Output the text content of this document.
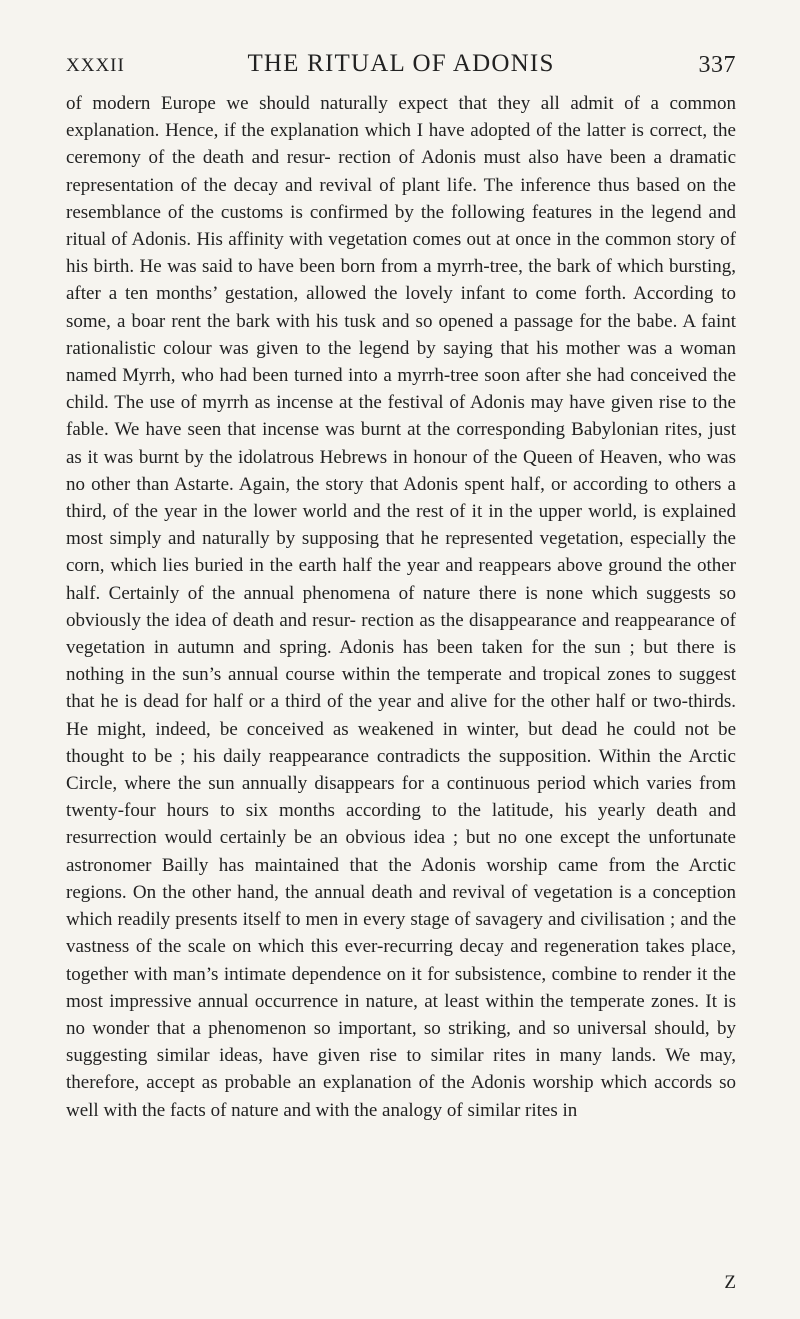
XXXII	THE RITUAL OF ADONIS	337

of modern Europe we should naturally expect that they all admit of a common explanation. Hence, if the explanation which I have adopted of the latter is correct, the ceremony of the death and resur- rection of Adonis must also have been a dramatic representation of the decay and revival of plant life. The inference thus based on the resemblance of the customs is confirmed by the following features in the legend and ritual of Adonis. His affinity with vegetation comes out at once in the common story of his birth. He was said to have been born from a myrrh-tree, the bark of which bursting, after a ten months’ gestation, allowed the lovely infant to come forth. According to some, a boar rent the bark with his tusk and so opened a passage for the babe. A faint rationalistic colour was given to the legend by saying that his mother was a woman named Myrrh, who had been turned into a myrrh-tree soon after she had conceived the child. The use of myrrh as incense at the festival of Adonis may have given rise to the fable. We have seen that incense was burnt at the corresponding Babylonian rites, just as it was burnt by the idolatrous Hebrews in honour of the Queen of Heaven, who was no other than Astarte. Again, the story that Adonis spent half, or according to others a third, of the year in the lower world and the rest of it in the upper world, is explained most simply and naturally by supposing that he represented vegetation, especially the corn, which lies buried in the earth half the year and reappears above ground the other half. Certainly of the annual phenomena of nature there is none which suggests so obviously the idea of death and resur- rection as the disappearance and reappearance of vegetation in autumn and spring. Adonis has been taken for the sun ; but there is nothing in the sun’s annual course within the temperate and tropical zones to suggest that he is dead for half or a third of the year and alive for the other half or two-thirds. He might, indeed, be conceived as weakened in winter, but dead he could not be thought to be ; his daily reappearance contradicts the supposition. Within the Arctic Circle, where the sun annually disappears for a continuous period which varies from twenty-four hours to six months according to the latitude, his yearly death and resurrection would certainly be an obvious idea ; but no one except the unfortunate astronomer Bailly has maintained that the Adonis worship came from the Arctic regions. On the other hand, the annual death and revival of vegetation is a conception which readily presents itself to men in every stage of savagery and civilisation ; and the vastness of the scale on which this ever-recurring decay and regeneration takes place, together with man’s intimate dependence on it for subsistence, combine to render it the most impressive annual occurrence in nature, at least within the temperate zones. It is no wonder that a phenomenon so important, so striking, and so universal should, by suggesting similar ideas, have given rise to similar rites in many lands. We may, therefore, accept as probable an explanation of the Adonis worship which accords so well with the facts of nature and with the analogy of similar rites in

Z
